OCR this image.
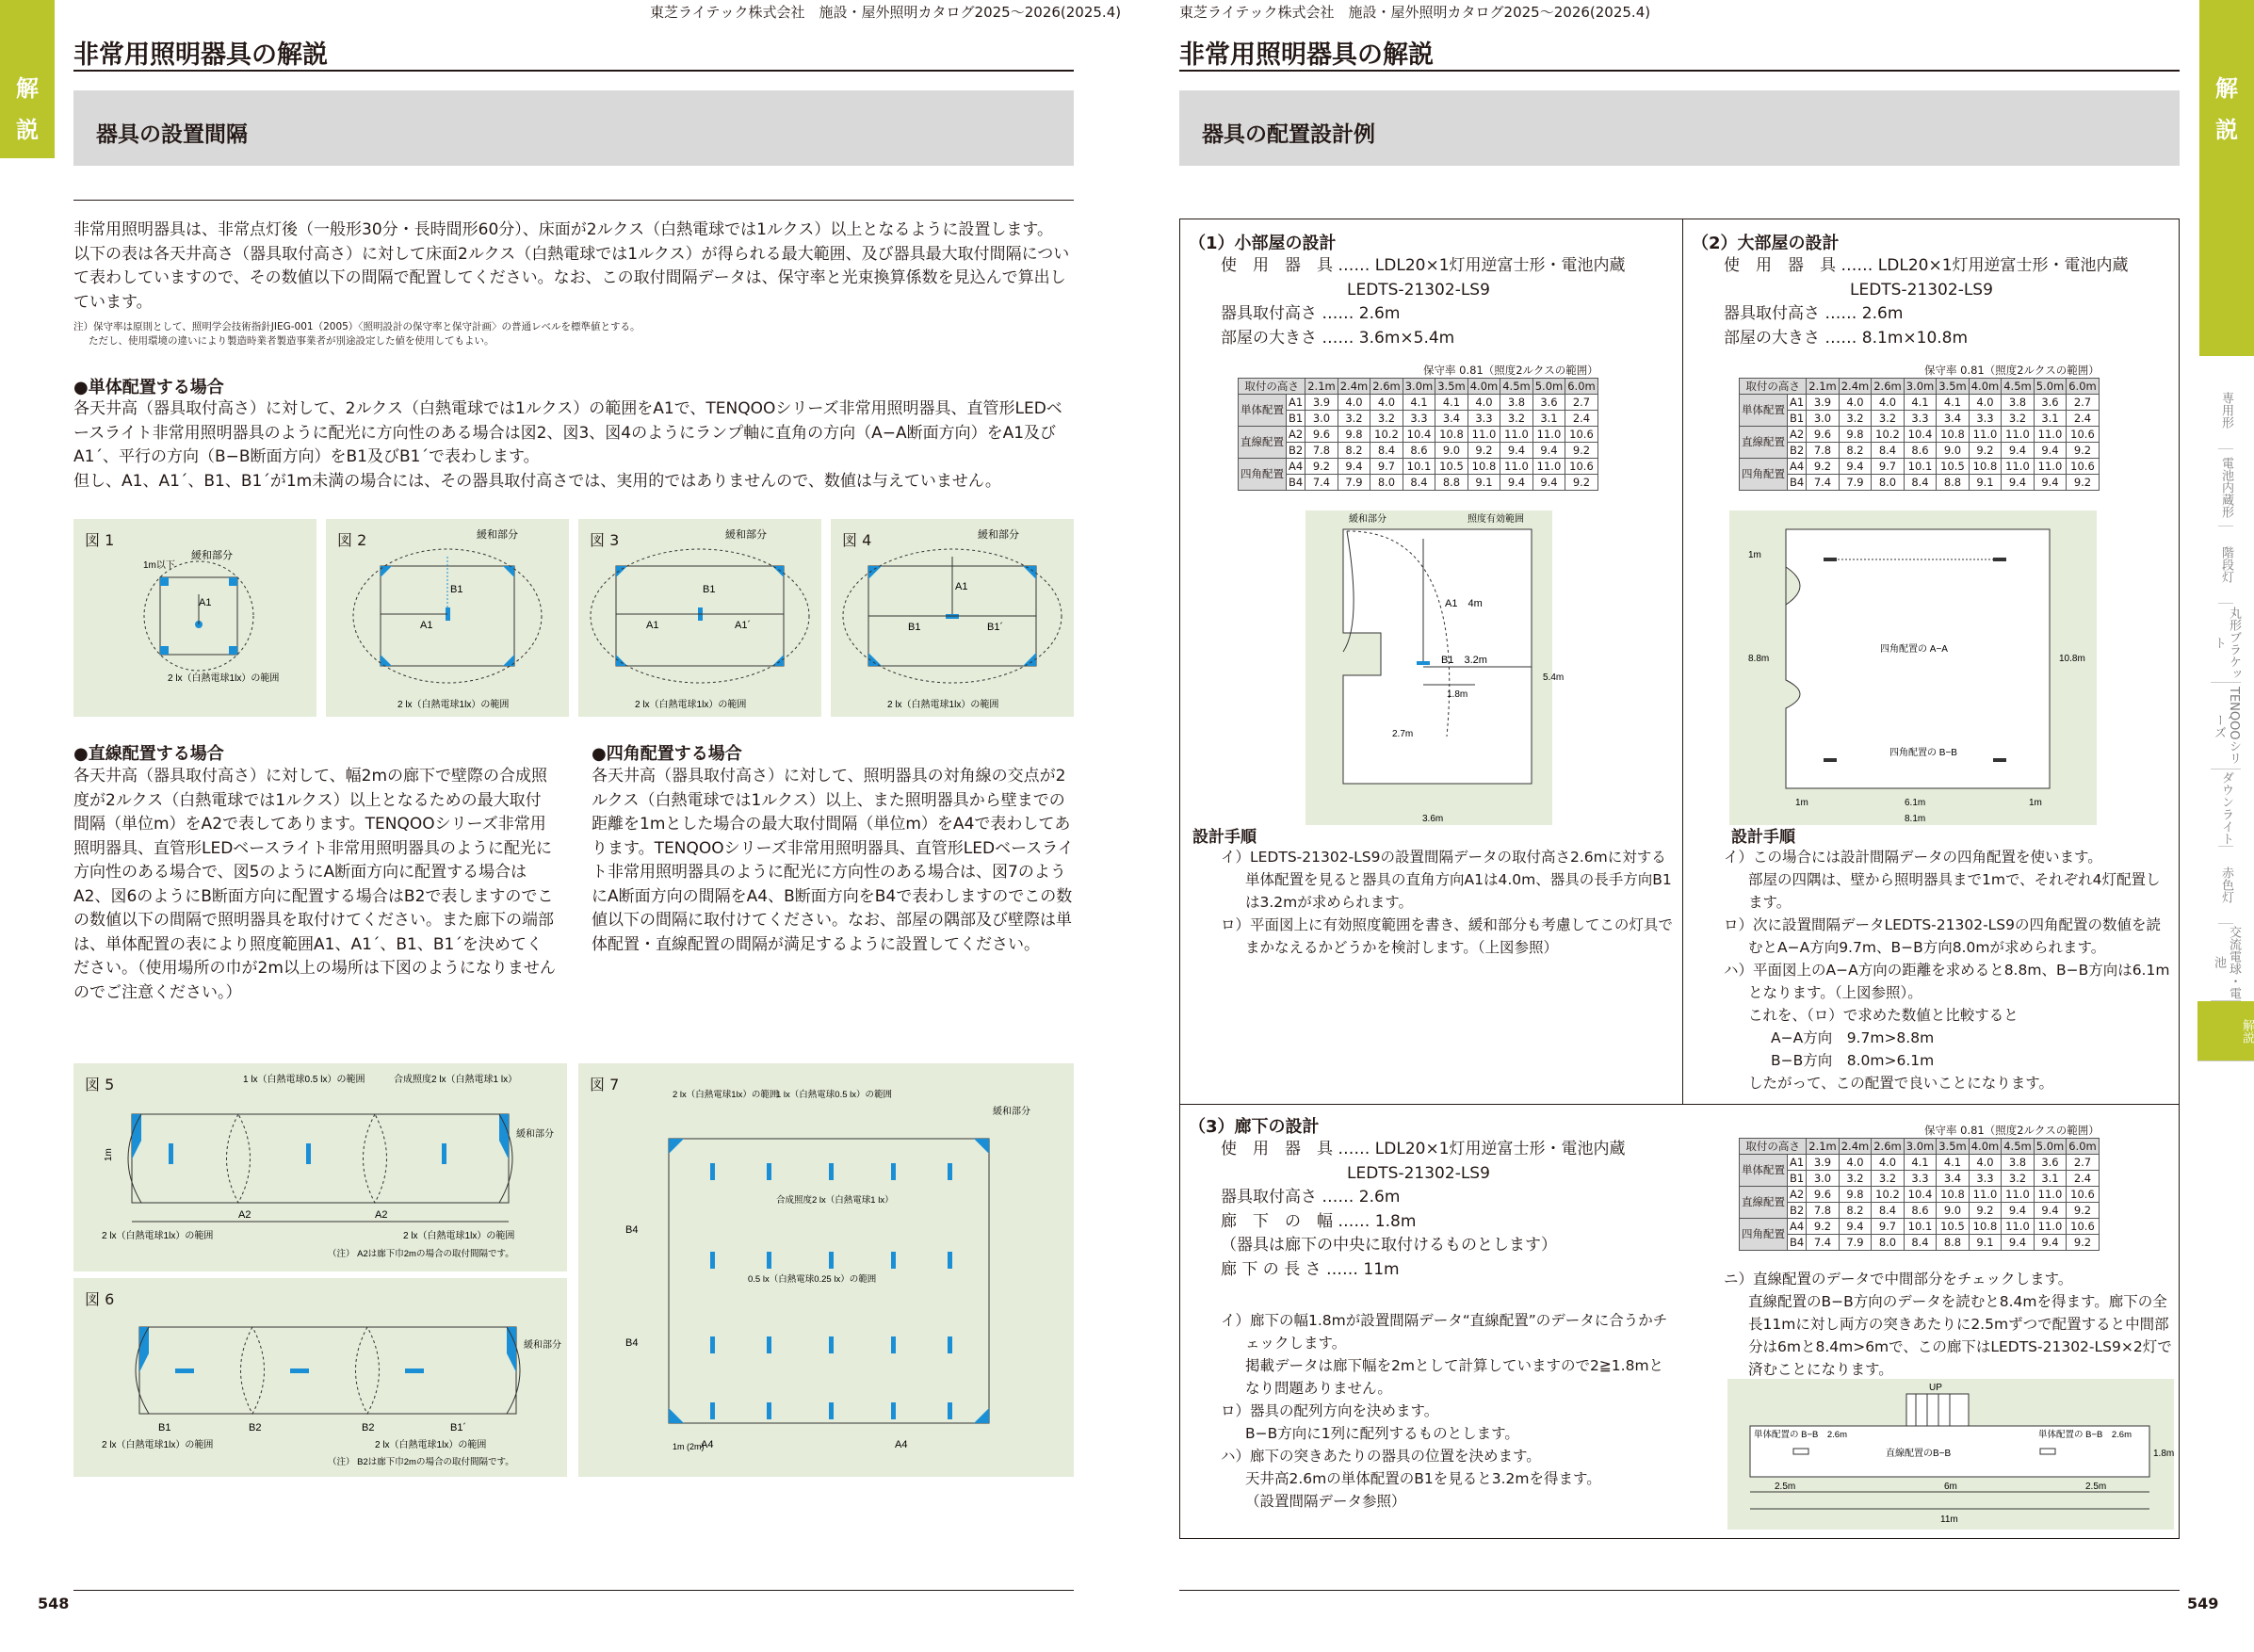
東芝ライテック株式会社　施設・屋外照明カタログ2025～2026(2025.4)
解
説
非常用照明器具の解説
器具の設置間隔
非常用照明器具は、非常点灯後（一般形30分・長時間形60分）、床面が2ルクス（白熱電球では1ルクス）以上となるように設置します。
以下の表は各天井高さ（器具取付高さ）に対して床面2ルクス（白熱電球では1ルクス）が得られる最大範囲、及び器具最大取付間隔について表わしていますので、その数値以下の間隔で配置してください。なお、この取付間隔データは、保守率と光束換算係数を見込んで算出しています。
注）保守率は原則として、照明学会技術指針JIEG-001（2005）〈照明設計の保守率と保守計画〉の普通レベルを標準値とする。
ただし、使用環境の違いにより製造時業者製造事業者が別途設定した値を使用してもよい。
●単体配置する場合
各天井高（器具取付高さ）に対して、2ルクス（白熱電球では1ルクス）の範囲をA1で、TENQOOシリーズ非常用照明器具、直管形LEDベースライト非常用照明器具のように配光に方向性のある場合は図2、図3、図4のようにランプ軸に直角の方向（A−A断面方向）をA1及びA1´、平行の方向（B−B断面方向）をB1及びB1´で表わします。
但し、A1、A1´、B1、B1´が1m未満の場合には、その器具取付高さでは、実用的ではありませんので、数値は与えていません。
図 1
A1
1m以下
緩和部分
2 lx（白熱電球1lx）の範囲
図 2
B1
緩和部分
A1
2 lx（白熱電球1lx）の範囲
図 3
B1
緩和部分
A1	A1´
2 lx（白熱電球1lx）の範囲
図 4
A1
緩和部分
B1	B1´
2 lx（白熱電球1lx）の範囲
●直線配置する場合
各天井高（器具取付高さ）に対して、幅2mの廊下で壁際の合成照度が2ルクス（白熱電球では1ルクス）以上となるための最大取付間隔（単位m）をA2で表してあります。TENQOOシリーズ非常用照明器具、直管形LEDベースライト非常用照明器具のように配光に方向性のある場合で、図5のようにA断面方向に配置する場合はA2、図6のようにB断面方向に配置する場合はB2で表しますのでこの数値以下の間隔で照明器具を取付けてください。また廊下の端部は、単体配置の表により照度範囲A1、A1´、B1、B1´を決めてください。（使用場所の巾が2m以上の場所は下図のようになりませんのでご注意ください。）
●四角配置する場合
各天井高（器具取付高さ）に対して、照明器具の対角線の交点が2ルクス（白熱電球では1ルクス）以上、また照明器具から壁までの距離を1mとした場合の最大取付間隔（単位m）をA4で表わしてあります。TENQOOシリーズ非常用照明器具、直管形LEDベースライト非常用照明器具のように配光に方向性のある場合は、図7のようにA断面方向の間隔をA4、B断面方向をB4で表わしますのでこの数値以下の間隔に取付けてください。なお、部屋の隅部及び壁際は単体配置・直線配置の間隔が満足するように設置してください。
図 5
1m
A2	A2
1 lx（白熱電球0.5 lx）の範囲	合成照度2 lx（白熱電球1 lx）
緩和部分
2 lx（白熱電球1lx）の範囲	2 lx（白熱電球1lx）の範囲
（注） A2は廊下巾2mの場合の取付間隔です。
図 6
B2	B2
B1	B1´
緩和部分
2 lx（白熱電球1lx）の範囲	2 lx（白熱電球1lx）の範囲
（注） B2は廊下巾2mの場合の取付間隔です。
図 7
A4	A4
B4
B4
合成照度2 lx（白熱電球1 lx）
0.5 lx（白熱電球0.25 lx）の範囲
緩和部分
2 lx（白熱電球1lx）の範囲
1 lx（白熱電球0.5 lx）の範囲
1m (2m)
548
東芝ライテック株式会社　施設・屋外照明カタログ2025～2026(2025.4)
非常用照明器具の解説
器具の配置設計例
解
説
専用形
電池内蔵形
階段灯
丸形ブラケット
TENQOOシリーズ
ダウンライト
赤色灯
交流電球・電池
解説
（1）小部屋の設計
使　用　器　具 …… LDL20×1灯用逆富士形・電池内蔵
LEDTS-21302-LS9
器具取付高さ …… 2.6m
部屋の大きさ …… 3.6m×5.4m
保守率 0.81（照度2ルクスの範囲）
取付の高さ		2.1m	2.4m	2.6m	3.0m	3.5m	4.0m	4.5m	5.0m	6.0m
単体配置	A1	3.9	4.0	4.0	4.1	4.1	4.0	3.8	3.6	2.7
	B1	3.0	3.2	3.2	3.3	3.4	3.3	3.2	3.1	2.4
直線配置	A2	9.6	9.8	10.2	10.4	10.8	11.0	11.0	11.0	10.6
	B2	7.8	8.2	8.4	8.6	9.0	9.2	9.4	9.4	9.2
四角配置	A4	9.2	9.4	9.7	10.1	10.5	10.8	11.0	11.0	10.6
	B4	7.4	7.9	8.0	8.4	8.8	9.1	9.4	9.4	9.2
緩和部分	照度有効範囲
A1　4m
B1　3.2m
1.8m
5.4m
2.7m
3.6m
設計手順
イ）LEDTS-21302-LS9の設置間隔データの取付高さ2.6mに対する単体配置を見ると器具の直角方向A1は4.0m、器具の長手方向B1は3.2mが求められます。
ロ）平面図上に有効照度範囲を書き、緩和部分も考慮してこの灯具でまかなえるかどうかを検討します。（上図参照）
（2）大部屋の設計
使　用　器　具 …… LDL20×1灯用逆富士形・電池内蔵
LEDTS-21302-LS9
器具取付高さ …… 2.6m
部屋の大きさ …… 8.1m×10.8m
保守率 0.81（照度2ルクスの範囲）
取付の高さ		2.1m	2.4m	2.6m	3.0m	3.5m	4.0m	4.5m	5.0m	6.0m
単体配置	A1	3.9	4.0	4.0	4.1	4.1	4.0	3.8	3.6	2.7
	B1	3.0	3.2	3.2	3.3	3.4	3.3	3.2	3.1	2.4
直線配置	A2	9.6	9.8	10.2	10.4	10.8	11.0	11.0	11.0	10.6
	B2	7.8	8.2	8.4	8.6	9.0	9.2	9.4	9.4	9.2
四角配置	A4	9.2	9.4	9.7	10.1	10.5	10.8	11.0	11.0	10.6
	B4	7.4	7.9	8.0	8.4	8.8	9.1	9.4	9.4	9.2
1m
8.8m	10.8m
四角配置の A−A
四角配置の B−B
1m	6.1m	1m
8.1m
設計手順
イ）この場合には設計間隔データの四角配置を使います。
部屋の四隅は、壁から照明器具まで1mで、それぞれ4灯配置します。
ロ）次に設置間隔データLEDTS-21302-LS9の四角配置の数値を読むとA−A方向9.7m、B−B方向8.0mが求められます。
ハ）平面図上のA−A方向の距離を求めると8.8m、B−B方向は6.1mとなります。（上図参照）。
これを、（ロ）で求めた数値と比較すると
A−A方向　9.7m>8.8m
B−B方向　8.0m>6.1m
したがって、この配置で良いことになります。
（3）廊下の設計
使　用　器　具 …… LDL20×1灯用逆富士形・電池内蔵
LEDTS-21302-LS9
器具取付高さ …… 2.6m
廊　下　の　幅 …… 1.8m
（器具は廊下の中央に取付けるものとします）
廊 下 の 長 さ …… 11m
保守率 0.81（照度2ルクスの範囲）
取付の高さ		2.1m	2.4m	2.6m	3.0m	3.5m	4.0m	4.5m	5.0m	6.0m
単体配置	A1	3.9	4.0	4.0	4.1	4.1	4.0	3.8	3.6	2.7
	B1	3.0	3.2	3.2	3.3	3.4	3.3	3.2	3.1	2.4
直線配置	A2	9.6	9.8	10.2	10.4	10.8	11.0	11.0	11.0	10.6
	B2	7.8	8.2	8.4	8.6	9.0	9.2	9.4	9.4	9.2
四角配置	A4	9.2	9.4	9.7	10.1	10.5	10.8	11.0	11.0	10.6
	B4	7.4	7.9	8.0	8.4	8.8	9.1	9.4	9.4	9.2
イ）廊下の幅1.8mが設置間隔データ“直線配置”のデータに合うかチェックします。
掲載データは廊下幅を2mとして計算していますので2≧1.8mとなり問題ありません。
ロ）器具の配列方向を決めます。
B−B方向に1列に配列するものとします。
ハ）廊下の突きあたりの器具の位置を決めます。
天井高2.6mの単体配置のB1を見ると3.2mを得ます。
（設置間隔データ参照）
ニ）直線配置のデータで中間部分をチェックします。
直線配置のB−B方向のデータを読むと8.4mを得ます。廊下の全長11mに対し両方の突きあたりに2.5mずつで配置すると中間部分は6mと8.4m>6mで、この廊下はLEDTS-21302-LS9×2灯で済むことになります。
UP
単体配置の B−B　2.6m
直線配置のB−B
単体配置の B−B　2.6m
1.8m
2.5m	6m	2.5m
11m
549
